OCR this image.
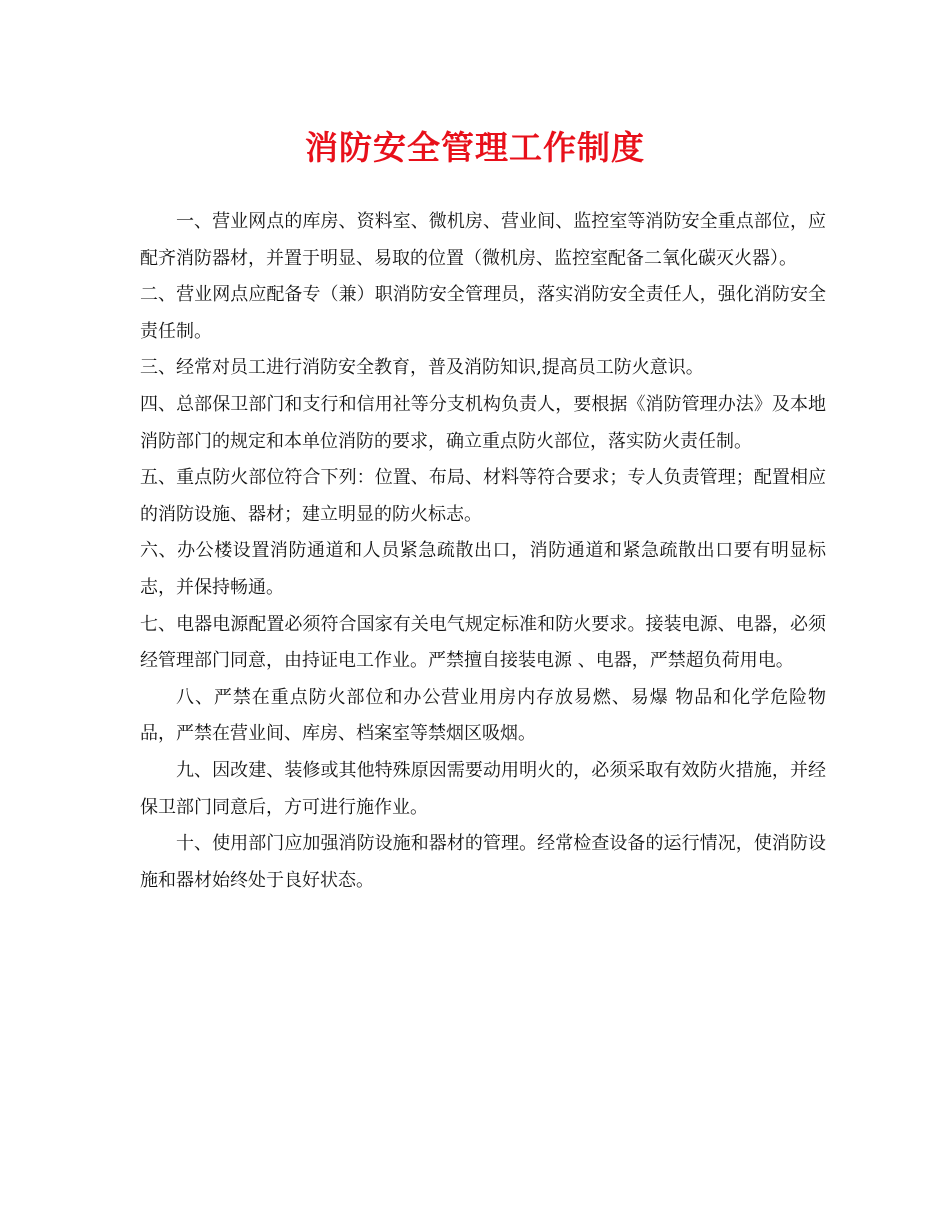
消防安全管理工作制度

一、营业网点的库房、资料室、微机房、营业间、监控室等消防安全重点部位，应配齐消防器材，并置于明显、易取的位置（微机房、监控室配备二氧化碳灭火器）。

二、营业网点应配备专（兼）职消防安全管理员，落实消防安全责任人，强化消防安全责任制。

三、经常对员工进行消防安全教育，普及消防知识,提高员工防火意识。

四、总部保卫部门和支行和信用社等分支机构负责人，要根据《消防管理办法》及本地消防部门的规定和本单位消防的要求，确立重点防火部位，落实防火责任制。

五、重点防火部位符合下列：位置、布局、材料等符合要求；专人负责管理；配置相应的消防设施、器材；建立明显的防火标志。

六、办公楼设置消防通道和人员紧急疏散出口，消防通道和紧急疏散出口要有明显标志，并保持畅通。

七、电器电源配置必须符合国家有关电气规定标准和防火要求。接装电源、电器，必须经管理部门同意，由持证电工作业。严禁擅自接装电源 、电器，严禁超负荷用电。

八、严禁在重点防火部位和办公营业用房内存放易燃、易爆 物品和化学危险物品，严禁在营业间、库房、档案室等禁烟区吸烟。

九、因改建、装修或其他特殊原因需要动用明火的，必须采取有效防火措施，并经保卫部门同意后，方可进行施作业。

十、使用部门应加强消防设施和器材的管理。经常检查设备的运行情况，使消防设施和器材始终处于良好状态。
